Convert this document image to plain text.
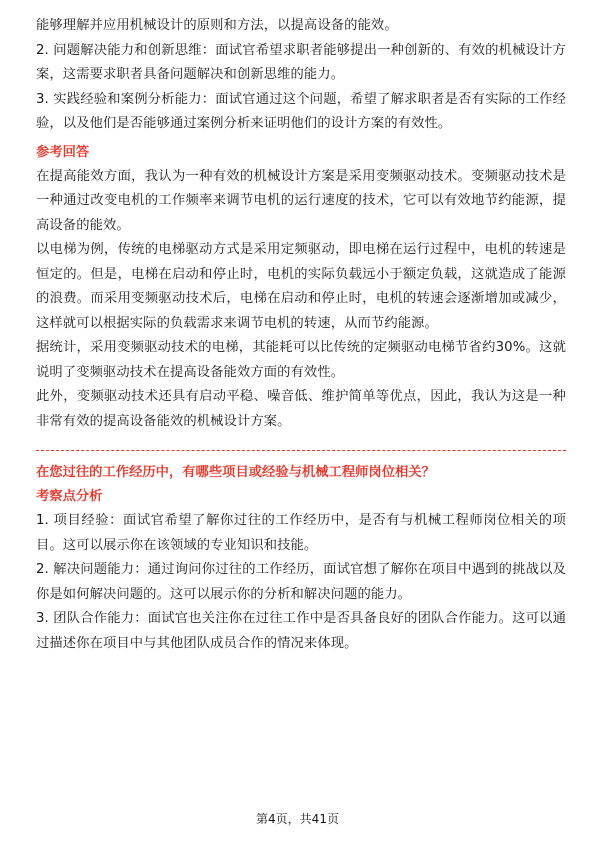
能够理解并应用机械设计的原则和方法，以提高设备的能效。

2. 问题解决能力和创新思维：面试官希望求职者能够提出一种创新的、有效的机械设计方案，这需要求职者具备问题解决和创新思维的能力。

3. 实践经验和案例分析能力：面试官通过这个问题，希望了解求职者是否有实际的工作经验，以及他们是否能够通过案例分析来证明他们的设计方案的有效性。

参考回答

在提高能效方面，我认为一种有效的机械设计方案是采用变频驱动技术。变频驱动技术是一种通过改变电机的工作频率来调节电机的运行速度的技术，它可以有效地节约能源，提高设备的能效。

以电梯为例，传统的电梯驱动方式是采用定频驱动，即电梯在运行过程中，电机的转速是恒定的。但是，电梯在启动和停止时，电机的实际负载远小于额定负载，这就造成了能源的浪费。而采用变频驱动技术后，电梯在启动和停止时，电机的转速会逐渐增加或减少，这样就可以根据实际的负载需求来调节电机的转速，从而节约能源。

据统计，采用变频驱动技术的电梯，其能耗可以比传统的定频驱动电梯节省约30%。这就说明了变频驱动技术在提高设备能效方面的有效性。

此外，变频驱动技术还具有启动平稳、噪音低、维护简单等优点，因此，我认为这是一种非常有效的提高设备能效的机械设计方案。

在您过往的工作经历中，有哪些项目或经验与机械工程师岗位相关？

考察点分析

1. 项目经验：面试官希望了解你过往的工作经历中，是否有与机械工程师岗位相关的项目。这可以展示你在该领域的专业知识和技能。

2. 解决问题能力：通过询问你过往的工作经历，面试官想了解你在项目中遇到的挑战以及你是如何解决问题的。这可以展示你的分析和解决问题的能力。

3. 团队合作能力：面试官也关注你在过往工作中是否具备良好的团队合作能力。这可以通过描述你在项目中与其他团队成员合作的情况来体现。

第4页，共41页
